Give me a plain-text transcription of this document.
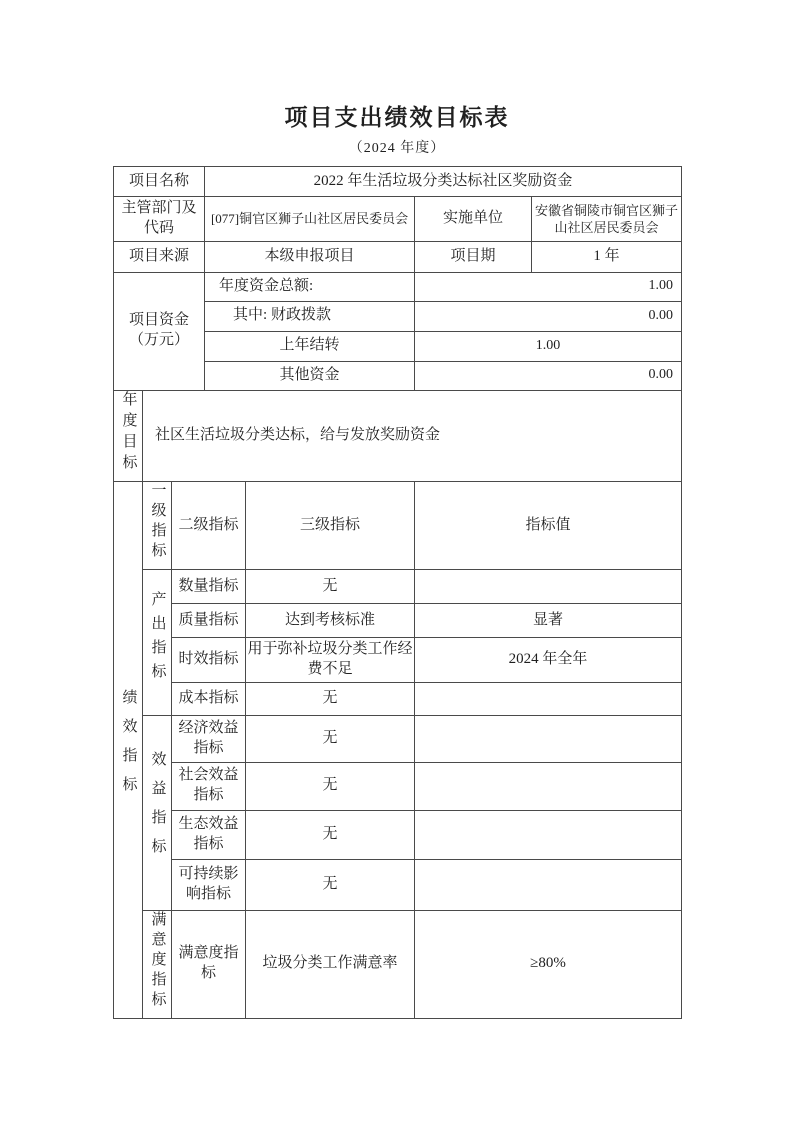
项目支出绩效目标表
（2024 年度）
项目名称			2022 年生活垃圾分类达标社区奖励资金			
主管部门及代码			[077]铜官区狮子山社区居民委员会		实施单位	安徽省铜陵市铜官区狮子山社区居民委员会
项目来源			本级申报项目		项目期	1 年
项目资金（万元）			年度资金总额:		1.00	
			其中: 财政拨款		0.00	
			上年结转		1.00	
			其他资金		0.00	
年度目标	社区生活垃圾分类达标，给与发放奖励资金					
绩效指标	一级指标	二级指标		三级指标	指标值	
	产出指标	数量指标		无		
		质量指标		达到考核标准	显著	
		时效指标		用于弥补垃圾分类工作经费不足	2024 年全年	
		成本指标		无		
	效益指标	经济效益指标		无		
		社会效益指标		无		
		生态效益指标		无		
		可持续影响指标		无		
	满意度指标	满意度指标		垃圾分类工作满意率	≥80%	
